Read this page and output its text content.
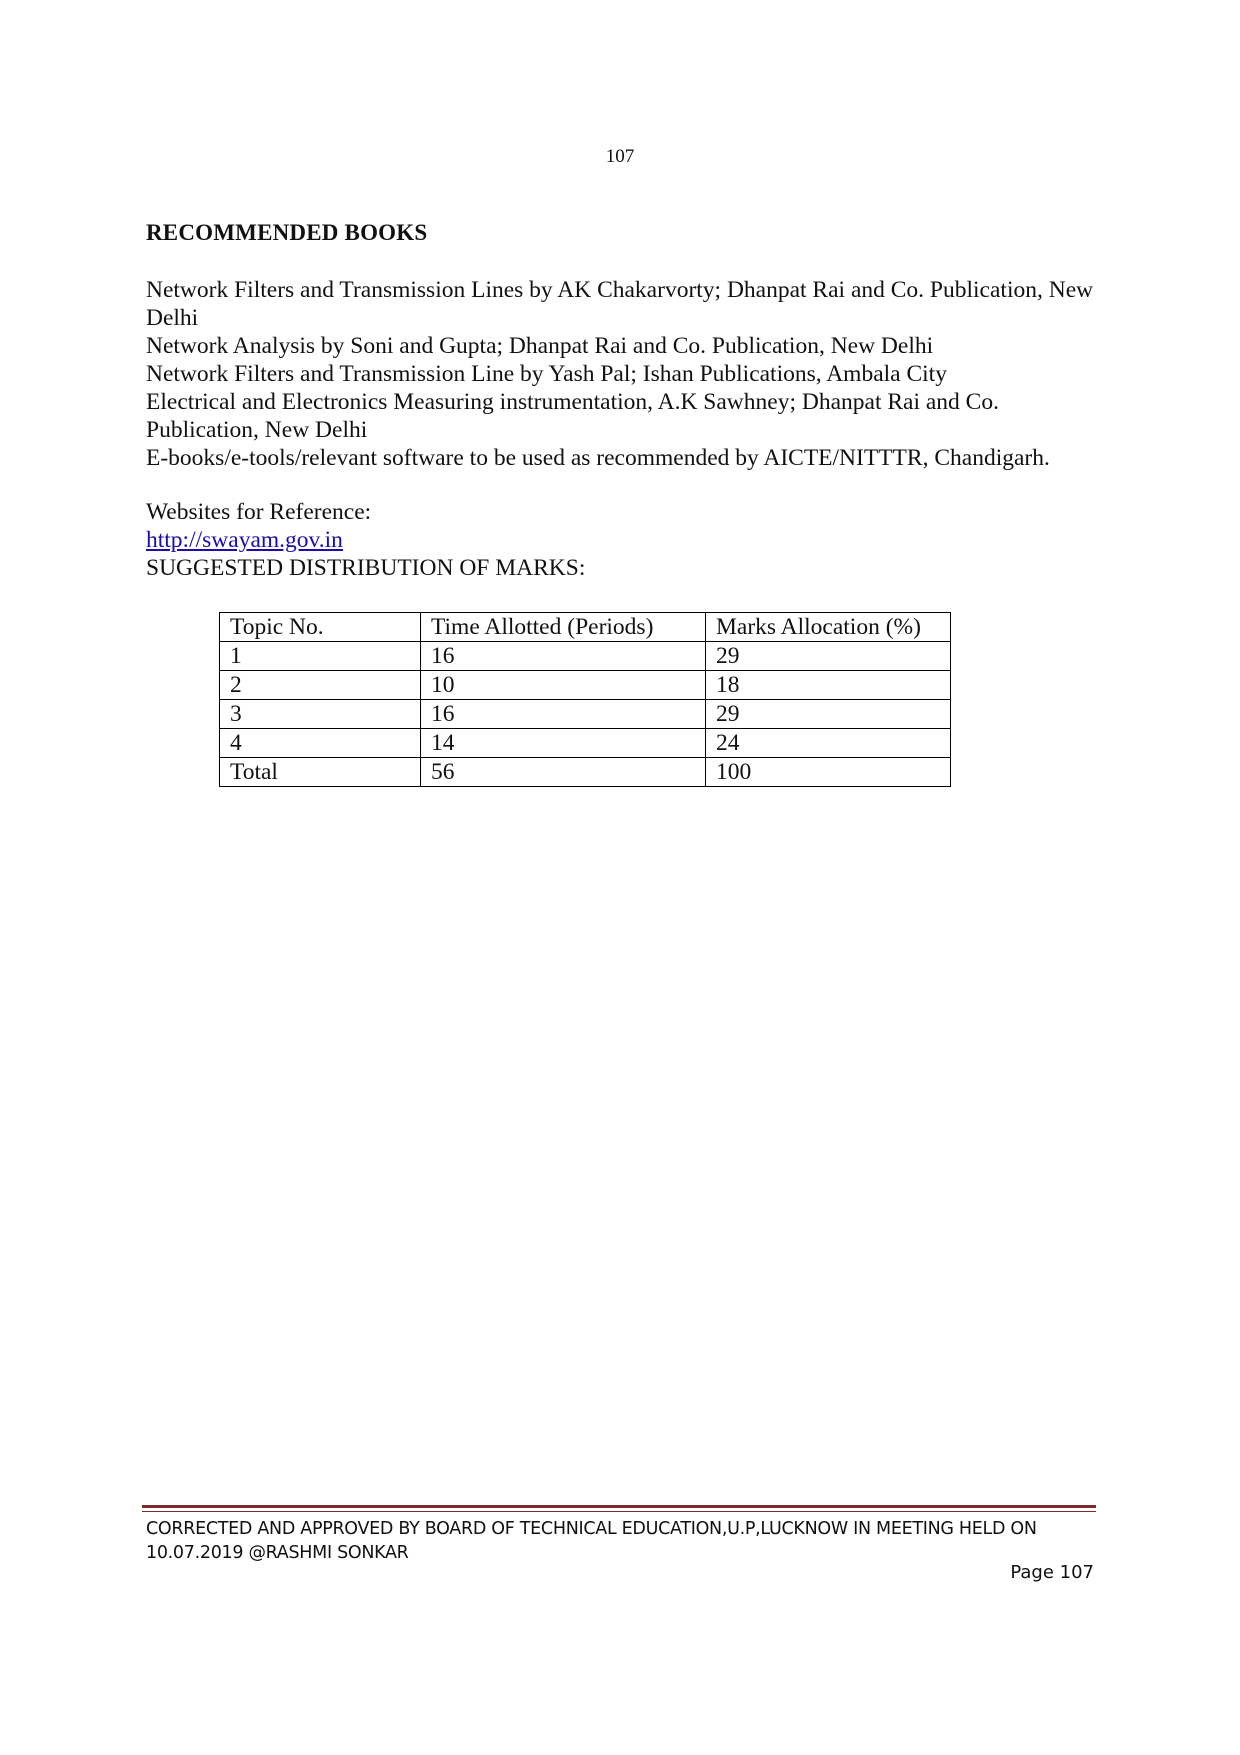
107
RECOMMENDED BOOKS

Network Filters and Transmission Lines by AK Chakarvorty; Dhanpat Rai and Co. Publication, New Delhi

Network Analysis by Soni and Gupta; Dhanpat Rai and Co. Publication, New Delhi

Network Filters and Transmission Line by Yash Pal; Ishan Publications, Ambala City

Electrical and Electronics Measuring instrumentation, A.K Sawhney; Dhanpat Rai and Co. Publication, New Delhi

E-books/e-tools/relevant software to be used as recommended by AICTE/NITTTR, Chandigarh.

Websites for Reference:

http://swayam.gov.in

SUGGESTED DISTRIBUTION OF MARKS:

Topic No.	Time Allotted (Periods)	Marks Allocation (%)
1	16	29
2	10	18
3	16	29
4	14	24
Total	56	100
CORRECTED AND APPROVED BY BOARD OF TECHNICAL EDUCATION,U.P,LUCKNOW IN MEETING HELD ON
10.07.2019 @RASHMI SONKAR
Page 107
